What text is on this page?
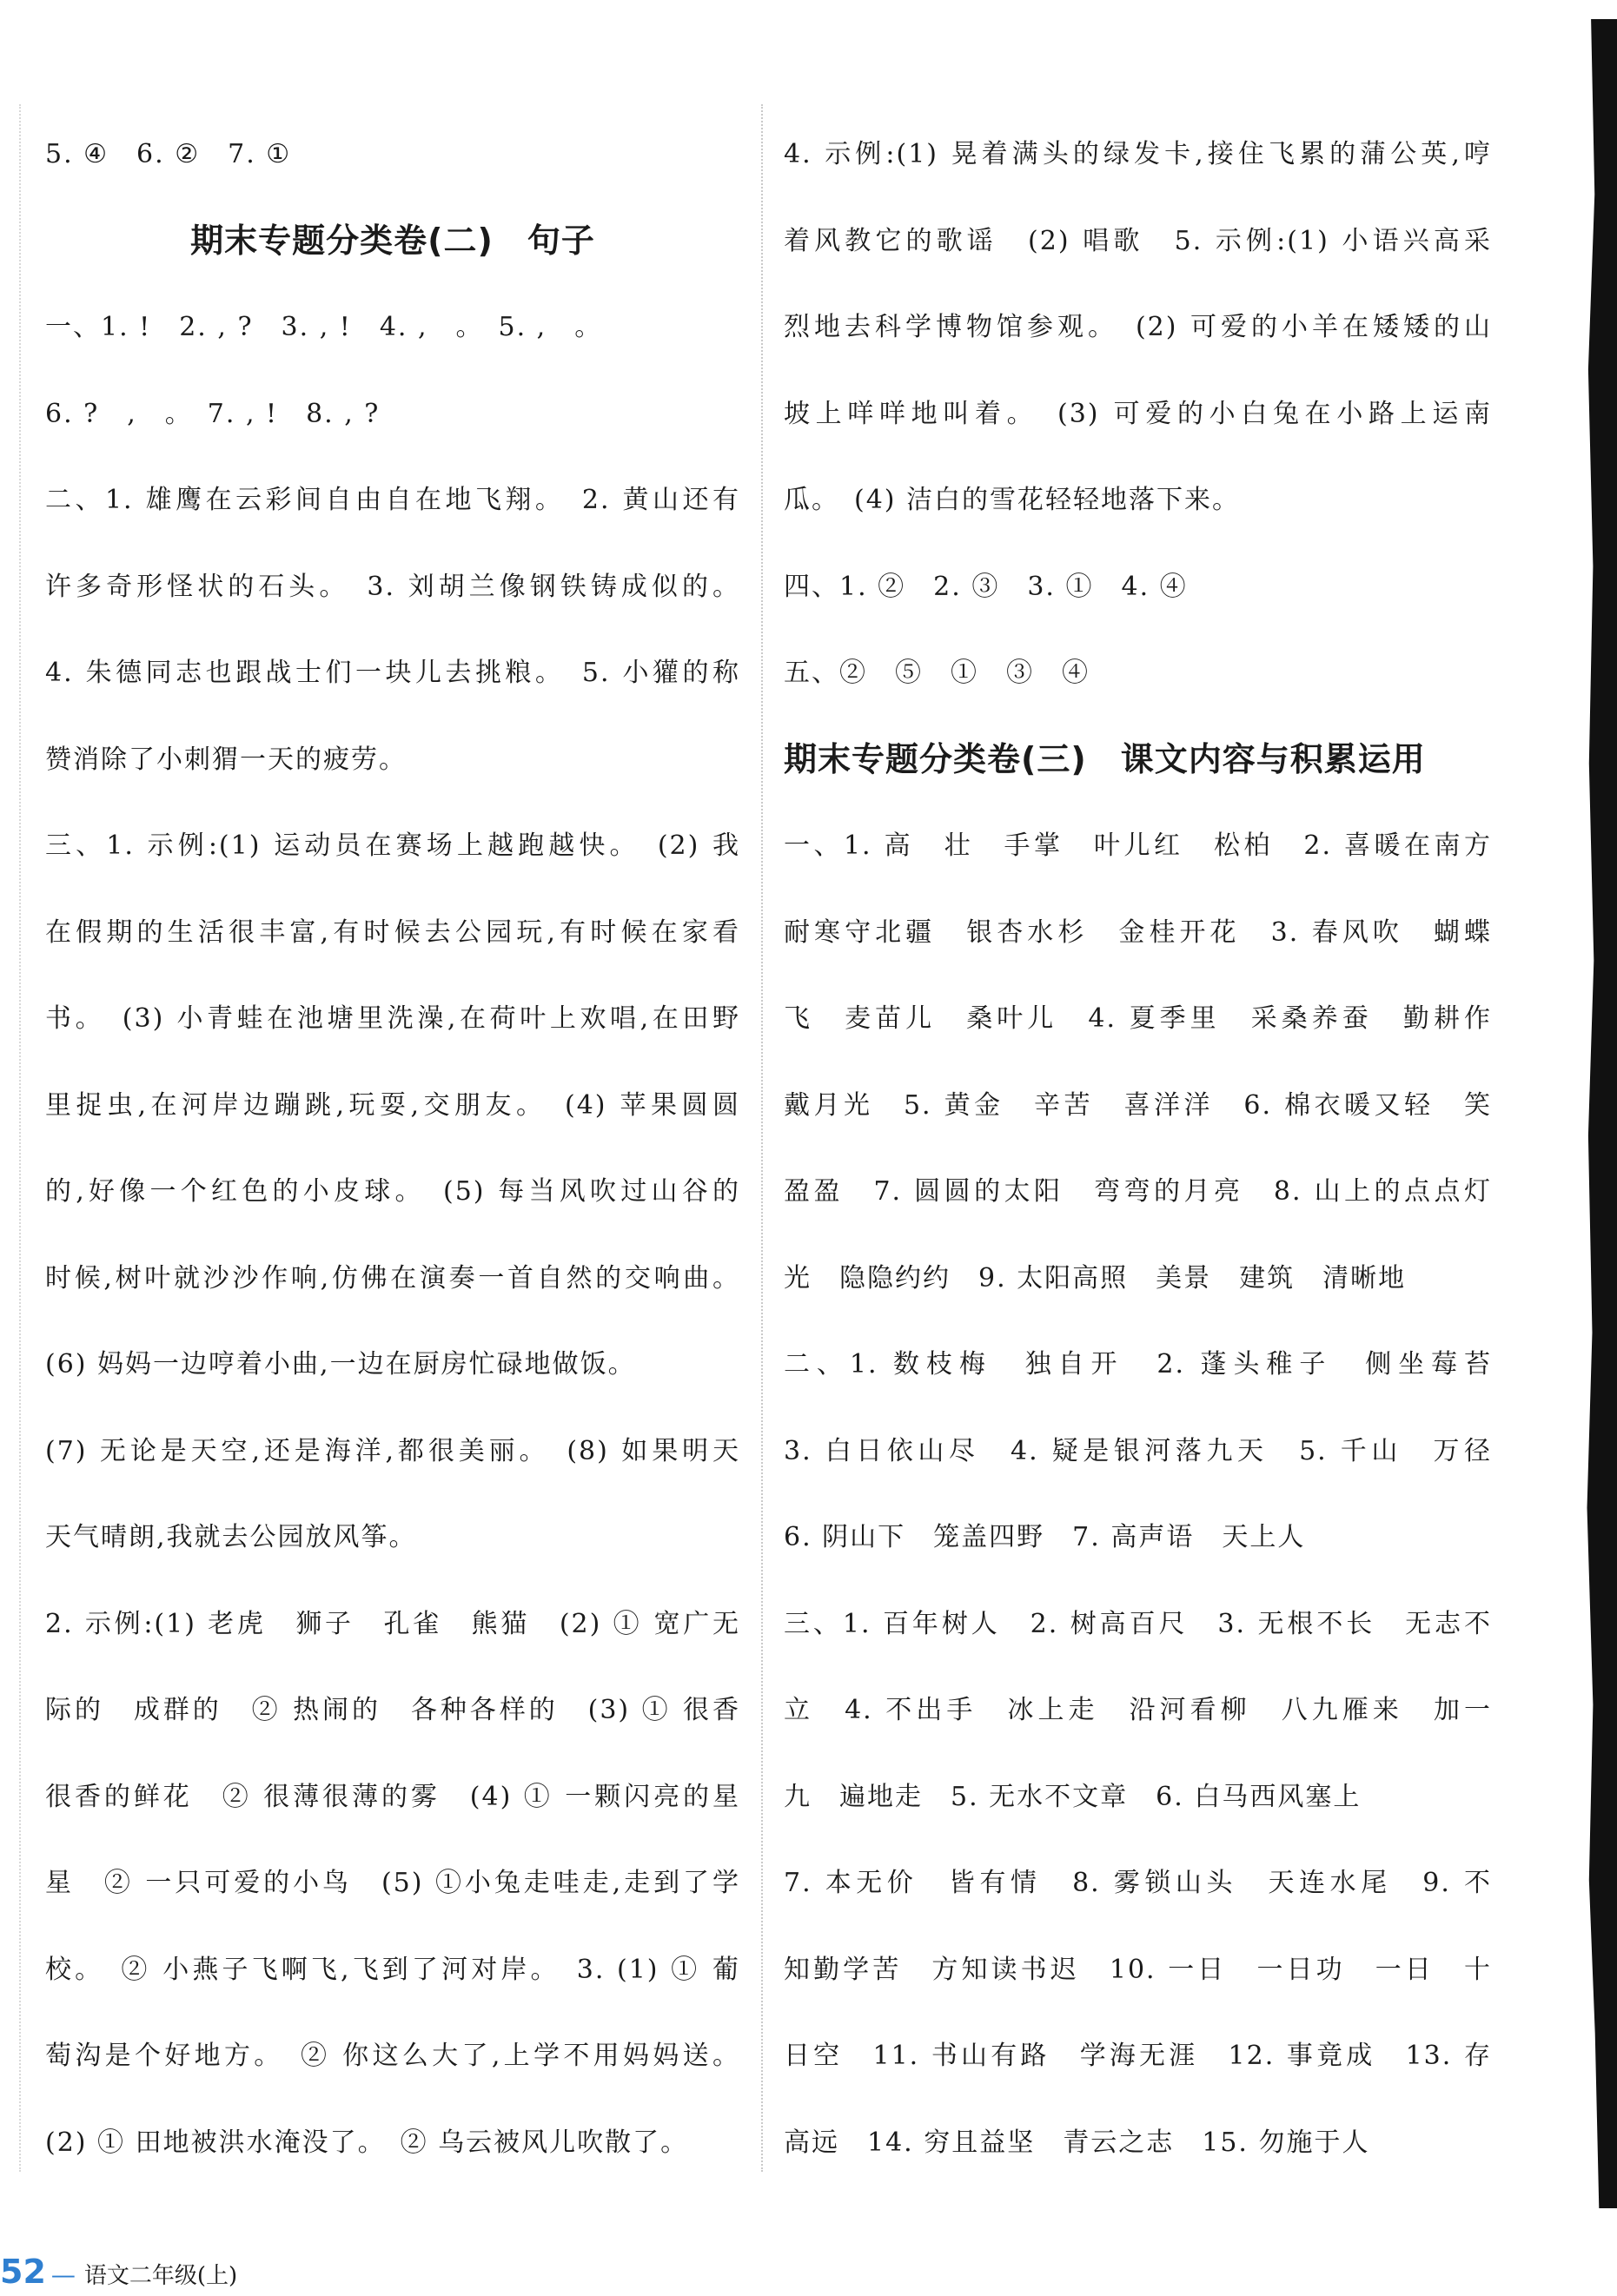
5. ④　6. ②　7. ①
期末专题分类卷(二)　句子
一、1. !　2. , ?　3. , !　4. ,　。　5. ,　。
6. ?　,　。　7. , !　8. , ?
二、1. 雄鹰在云彩间自由自在地飞翔。　2. 黄山还有
许多奇形怪状的石头。　3. 刘胡兰像钢铁铸成似的。
4. 朱德同志也跟战士们一块儿去挑粮。　5. 小獾的称
赞消除了小刺猬一天的疲劳。
三、1. 示例:(1) 运动员在赛场上越跑越快。　(2) 我
在假期的生活很丰富,有时候去公园玩,有时候在家看
书。　(3) 小青蛙在池塘里洗澡,在荷叶上欢唱,在田野
里捉虫,在河岸边蹦跳,玩耍,交朋友。　(4) 苹果圆圆
的,好像一个红色的小皮球。　(5) 每当风吹过山谷的
时候,树叶就沙沙作响,仿佛在演奏一首自然的交响曲。
(6) 妈妈一边哼着小曲,一边在厨房忙碌地做饭。
(7) 无论是天空,还是海洋,都很美丽。　(8) 如果明天
天气晴朗,我就去公园放风筝。
2. 示例:(1) 老虎　狮子　孔雀　熊猫　(2) ① 宽广无
际的　成群的　② 热闹的　各种各样的　(3) ① 很香
很香的鲜花　② 很薄很薄的雾　(4) ① 一颗闪亮的星
星　② 一只可爱的小鸟　(5) ①小兔走哇走,走到了学
校。　② 小燕子飞啊飞,飞到了河对岸。　3. (1) ① 葡
萄沟是个好地方。　② 你这么大了,上学不用妈妈送。
(2) ① 田地被洪水淹没了。　② 乌云被风儿吹散了。
4. 示例:(1) 晃着满头的绿发卡,接住飞累的蒲公英,哼
着风教它的歌谣　(2) 唱歌　5. 示例:(1) 小语兴高采
烈地去科学博物馆参观。　(2) 可爱的小羊在矮矮的山
坡上咩咩地叫着。　(3) 可爱的小白兔在小路上运南
瓜。　(4) 洁白的雪花轻轻地落下来。
四、1. ②　2. ③　3. ①　4. ④
五、②　⑤　①　③　④
期末专题分类卷(三)　课文内容与积累运用
一、1. 高　壮　手掌　叶儿红　松柏　2. 喜暖在南方
耐寒守北疆　银杏水杉　金桂开花　3. 春风吹　蝴蝶
飞　麦苗儿　桑叶儿　4. 夏季里　采桑养蚕　勤耕作
戴月光　5. 黄金　辛苦　喜洋洋　6. 棉衣暖又轻　笑
盈盈　7. 圆圆的太阳　弯弯的月亮　8. 山上的点点灯
光　隐隐约约　9. 太阳高照　美景　建筑　清晰地
二、1. 数枝梅　独自开　2. 蓬头稚子　侧坐莓苔
3. 白日依山尽　4. 疑是银河落九天　5. 千山　万径
6. 阴山下　笼盖四野　7. 高声语　天上人
三、1. 百年树人　2. 树高百尺　3. 无根不长　无志不
立　4. 不出手　冰上走　沿河看柳　八九雁来　加一
九　遍地走　5. 无水不文章　6. 白马西风塞上
7. 本无价　皆有情　8. 雾锁山头　天连水尾　9. 不
知勤学苦　方知读书迟　10. 一日　一日功　一日　十
日空　11. 书山有路　学海无涯　12. 事竟成　13. 存
高远　14. 穷且益坚　青云之志　15. 勿施于人
52 — 语文二年级(上)
